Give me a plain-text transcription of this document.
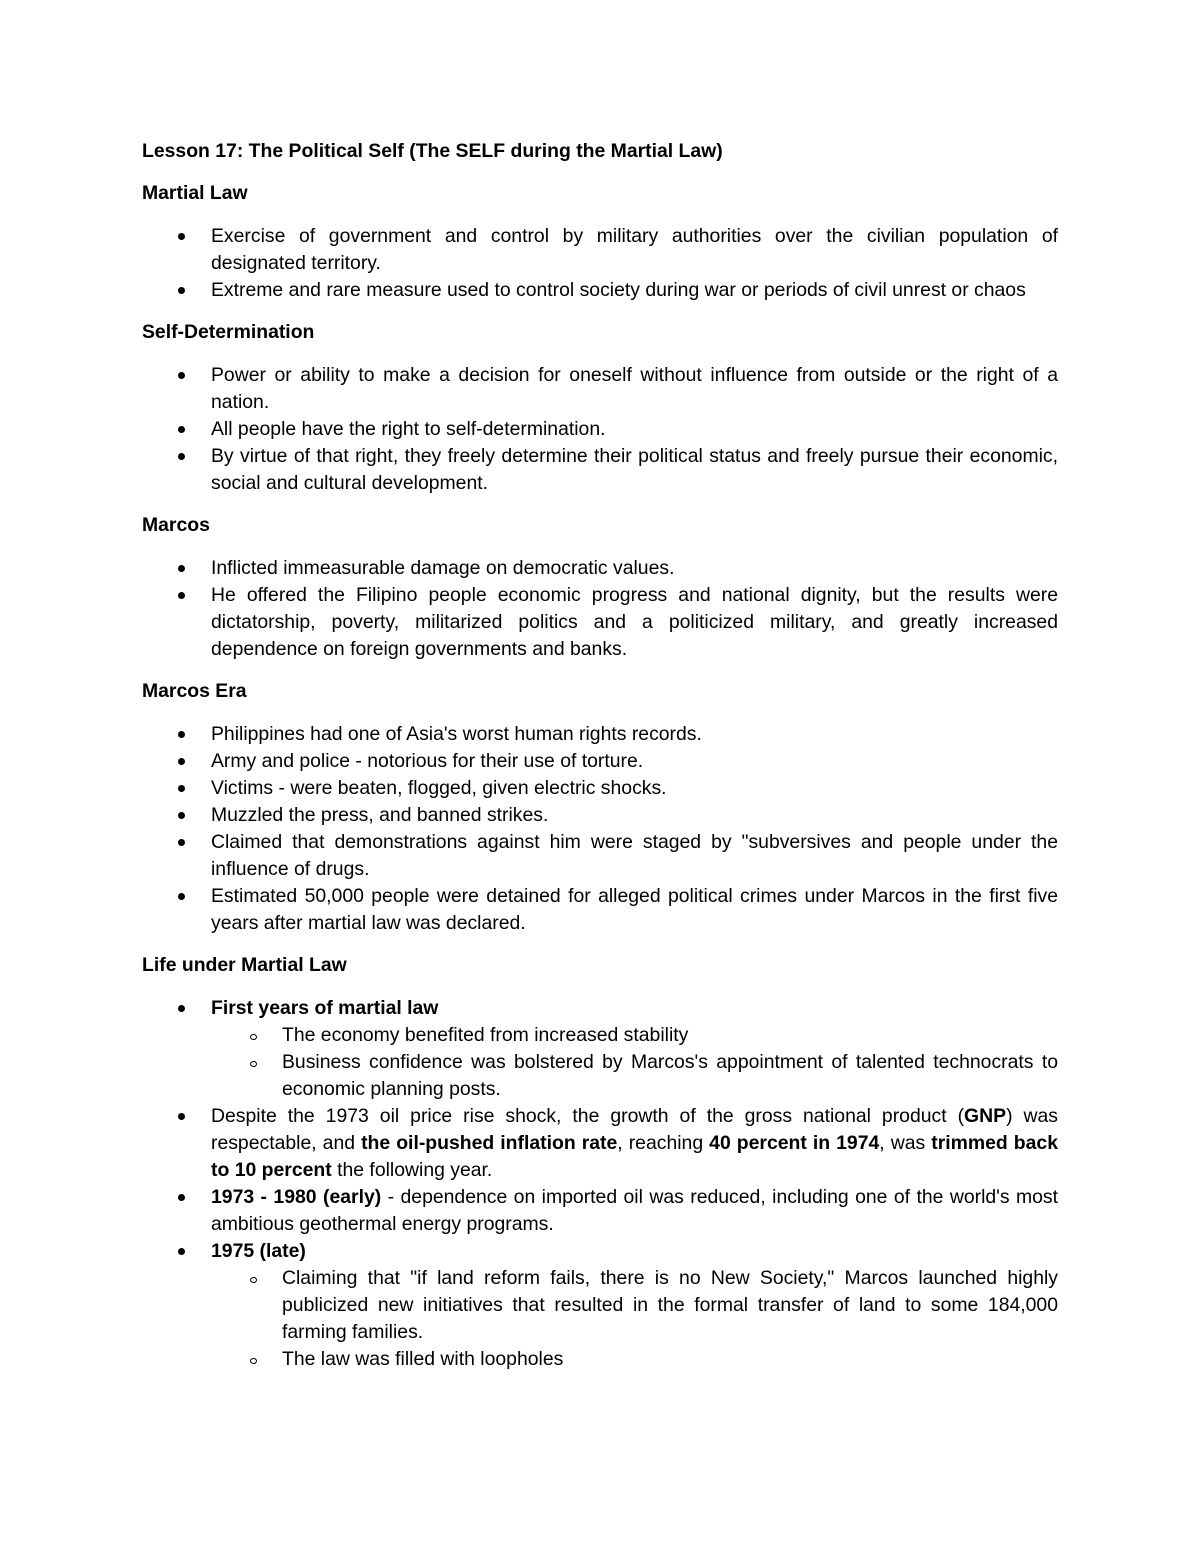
Lesson 17: The Political Self (The SELF during the Martial Law)
Martial Law
Exercise of government and control by military authorities over the civilian population of designated territory.
Extreme and rare measure used to control society during war or periods of civil unrest or chaos
Self-Determination
Power or ability to make a decision for oneself without influence from outside or the right of a nation.
All people have the right to self-determination.
By virtue of that right, they freely determine their political status and freely pursue their economic, social and cultural development.
Marcos
Inflicted immeasurable damage on democratic values.
He offered the Filipino people economic progress and national dignity, but the results were dictatorship, poverty, militarized politics and a politicized military, and greatly increased dependence on foreign governments and banks.
Marcos Era
Philippines had one of Asia's worst human rights records.
Army and police - notorious for their use of torture.
Victims - were beaten, flogged, given electric shocks.
Muzzled the press, and banned strikes.
Claimed that demonstrations against him were staged by "subversives and people under the influence of drugs.
Estimated 50,000 people were detained for alleged political crimes under Marcos in the first five years after martial law was declared.
Life under Martial Law
First years of martial law
The economy benefited from increased stability
Business confidence was bolstered by Marcos's appointment of talented technocrats to economic planning posts.
Despite the 1973 oil price rise shock, the growth of the gross national product (GNP) was respectable, and the oil-pushed inflation rate, reaching 40 percent in 1974, was trimmed back to 10 percent the following year.
1973 - 1980 (early) - dependence on imported oil was reduced, including one of the world's most ambitious geothermal energy programs.
1975 (late)
Claiming that "if land reform fails, there is no New Society," Marcos launched highly publicized new initiatives that resulted in the formal transfer of land to some 184,000 farming families.
The law was filled with loopholes
